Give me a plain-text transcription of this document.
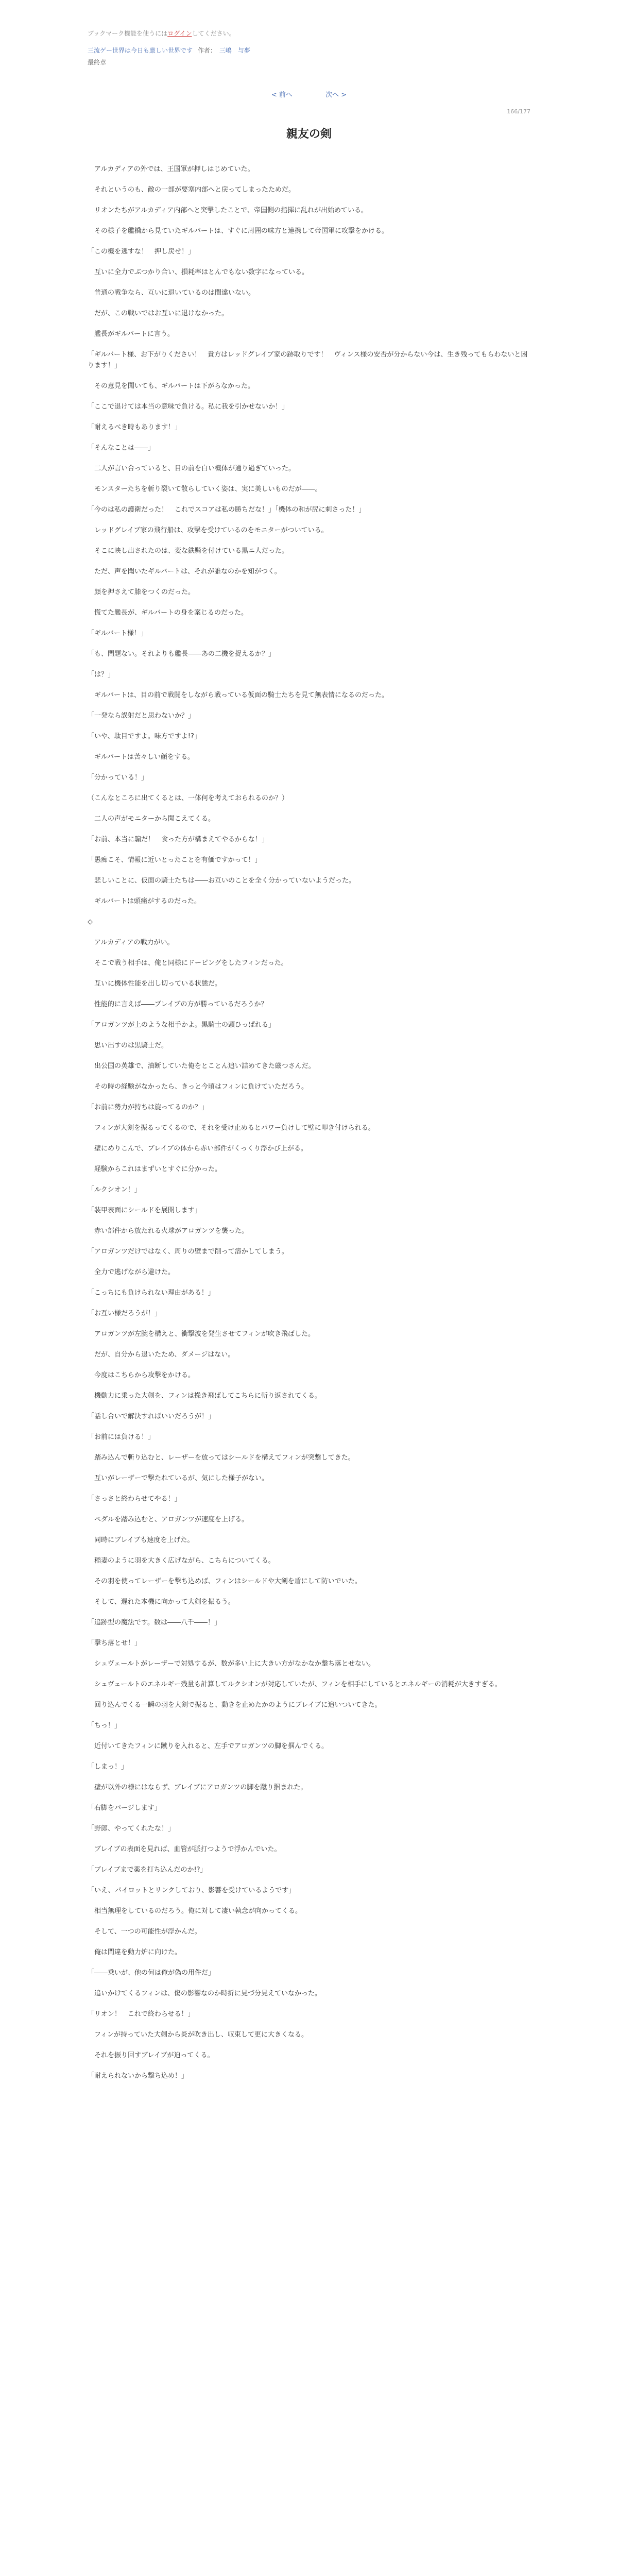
ブックマーク機能を使うにはログインしてください。
三流ゲー世界は今日も厳しい世界です 作者： 三嶋　与夢
最終章
< 前へ	次へ >
166/177
親友の剣

　アルカディアの外では、王国軍が押しはじめていた。

　それというのも、敵の一部が要塞内部へと戻ってしまったためだ。

　リオンたちがアルカディア内部へと突撃したことで、帝国側の指揮に乱れが出始めている。

　その様子を艦橋から見ていたギルバートは、すぐに周囲の味方と連携して帝国軍に攻撃をかける。

「この機を逃すな！　押し戻せ！」

　互いに全力でぶつかり合い、損耗率はとんでもない数字になっている。

　普通の戦争なら、互いに退いているのは間違いない。

　だが、この戦いではお互いに退けなかった。

　艦長がギルバートに言う。

「ギルバート様、お下がりください！　貴方はレッドグレイブ家の跡取りです！　ヴィンス様の安否が分からない今は、生き残ってもらわないと困ります！」

　その意見を聞いても、ギルバートは下がらなかった。

「ここで退けては本当の意味で負ける。私に我を引かせないか！」

「耐えるべき時もあります！」

「そんなことは――」

　二人が言い合っていると、目の前を白い機体が通り過ぎていった。

　モンスターたちを斬り裂いて散らしていく姿は、実に美しいものだが――。

「今のは私の護衛だった！　これでスコアは私の勝ちだな！」「機体の和が尻に刺さった！」

　レッドグレイブ家の飛行船は、攻撃を受けているのをモニターがついている。

　そこに映し出されたのは、変な鉄騎を付けている黒ニ人だった。

　ただ、声を聞いたギルバートは、それが誰なのかを知がつく。

　顔を押さえて膝をつくのだった。

　慌てた艦長が、ギルバートの身を案じるのだった。

「ギルバート様！」

「も、問題ない。それよりも艦長――あの二機を捉えるか？」

「は？」

　ギルバートは、目の前で戦闘をしながら戦っている仮面の騎士たちを見て無表情になるのだった。

「一発なら誤射だと思わないか？」

「いや、駄目ですよ。味方ですよ!?」

　ギルバートは苦々しい顔をする。

「分かっている！」

（こんなところに出てくるとは、一体何を考えておられるのか？）

　二人の声がモニターから聞こえてくる。

「お前、本当に騙だ！　食った方が構まえてやるからな！」

「愚痴こそ、情報に近いとったことを有価ですかって！」

　悲しいことに、仮面の騎士たちは――お互いのことを全く分かっていないようだった。

　ギルバートは頭痛がするのだった。

◇

　アルカディアの戦力がい。

　そこで戦う相手は、俺と同様にドーピングをしたフィンだった。

　互いに機体性能を出し切っている状態だ。

　性能的に言えば――ブレイブの方が勝っているだろうか？

「アロガンツが上のような相手かよ。黒騎士の頭ひっぱれる」

　思い出すのは黒騎士だ。

　出公国の英雄で、油断していた俺をとことん追い詰めてきた厳つさんだ。

　その時の経験がなかったら、きっと今頃はフィンに負けていただろう。

「お前に勢力が持ちは旋ってるのか？」

　フィンが大剣を振るってくるので、それを受け止めるとパワー負けして壁に叩き付けられる。

　壁にめりこんで、ブレイブの体から赤い部件がくっくり浮かび上がる。

　経験からこれはまずいとすぐに分かった。

「ルクシオン！」

「装甲表面にシールドを展開します」

　赤い部件から放たれる火球がアロガンツを襲った。

「アロガンツだけではなく、周りの壁まで削って溶かしてしまう。

　全力で逃げながら避けた。

「こっちにも負けられない理由がある！」

「お互い様だろうが！」

　アロガンツが左腕を構えと、衝撃波を発生させてフィンが吹き飛ばした。

　だが、自分から退いたため、ダメージはない。

　今度はこちらから攻撃をかける。

　機動力に乗った大剣を、フィンは操き飛ばしてこちらに斬り返されてくる。

「話し合いで解決すればいいだろうが！」

「お前には負ける！」

　踏み込んで斬り込むと、レーザーを放ってはシールドを構えてフィンが突撃してきた。

　互いがレーザーで撃たれているが、気にした様子がない。

「さっさと終わらせてやる！」

　ペダルを踏み込むと、アロガンツが速度を上げる。

　同時にブレイブも速度を上げた。

　稲妻のように羽を大きく広げながら、こちらについてくる。

　その羽を使ってレーザーを撃ち込めば、フィンはシールドや大剣を盾にして防いでいた。

　そして、遅れた本機に向かって大剣を振るう。

「追跡型の魔法です。数は――八千――！」

「撃ち落とせ！」

　シュヴェールトがレーザーで対処するが、数が多い上に大きい方がなかなか撃ち落とせない。

　シュヴェールトのエネルギー残量も計算してルクシオンが対応していたが、フィンを相手にしているとエネルギーの消耗が大きすぎる。

　回り込んでくる一瞬の羽を大剣で振ると、動きを止めたかのようにブレイブに追いついてきた。

「ちっ！」

　近付いてきたフィンに蹴りを入れると、左手でアロガンツの脚を掴んでくる。

「しまっ！」

　壁が以外の様にはならず、ブレイブにアロガンツの脚を蹴り掴まれた。

「右脚をパージします」

「野郎、やってくれたな！」

　ブレイブの表面を見れば、血管が脈打つようで浮かんでいた。

「ブレイブまで薬を打ち込んだのか!?」

「いえ、パイロットとリンクしており、影響を受けているようです」

　相当無理をしているのだろう。俺に対して凄い執念が向かってくる。

　そして、一つの可能性が浮かんだ。

　俺は間違を動力炉に向けた。

「――乗いが、他の何は俺が偽の用件だ」

　追いかけてくるフィンは、傷の影響なのか時折に見づ分見えていなかった。

「リオン！　これで終わらせる！」

　フィンが持っていた大剣から炎が吹き出し、収束して更に大きくなる。

　それを振り回すブレイブが迫ってくる。

「耐えられないから撃ち込め！」
